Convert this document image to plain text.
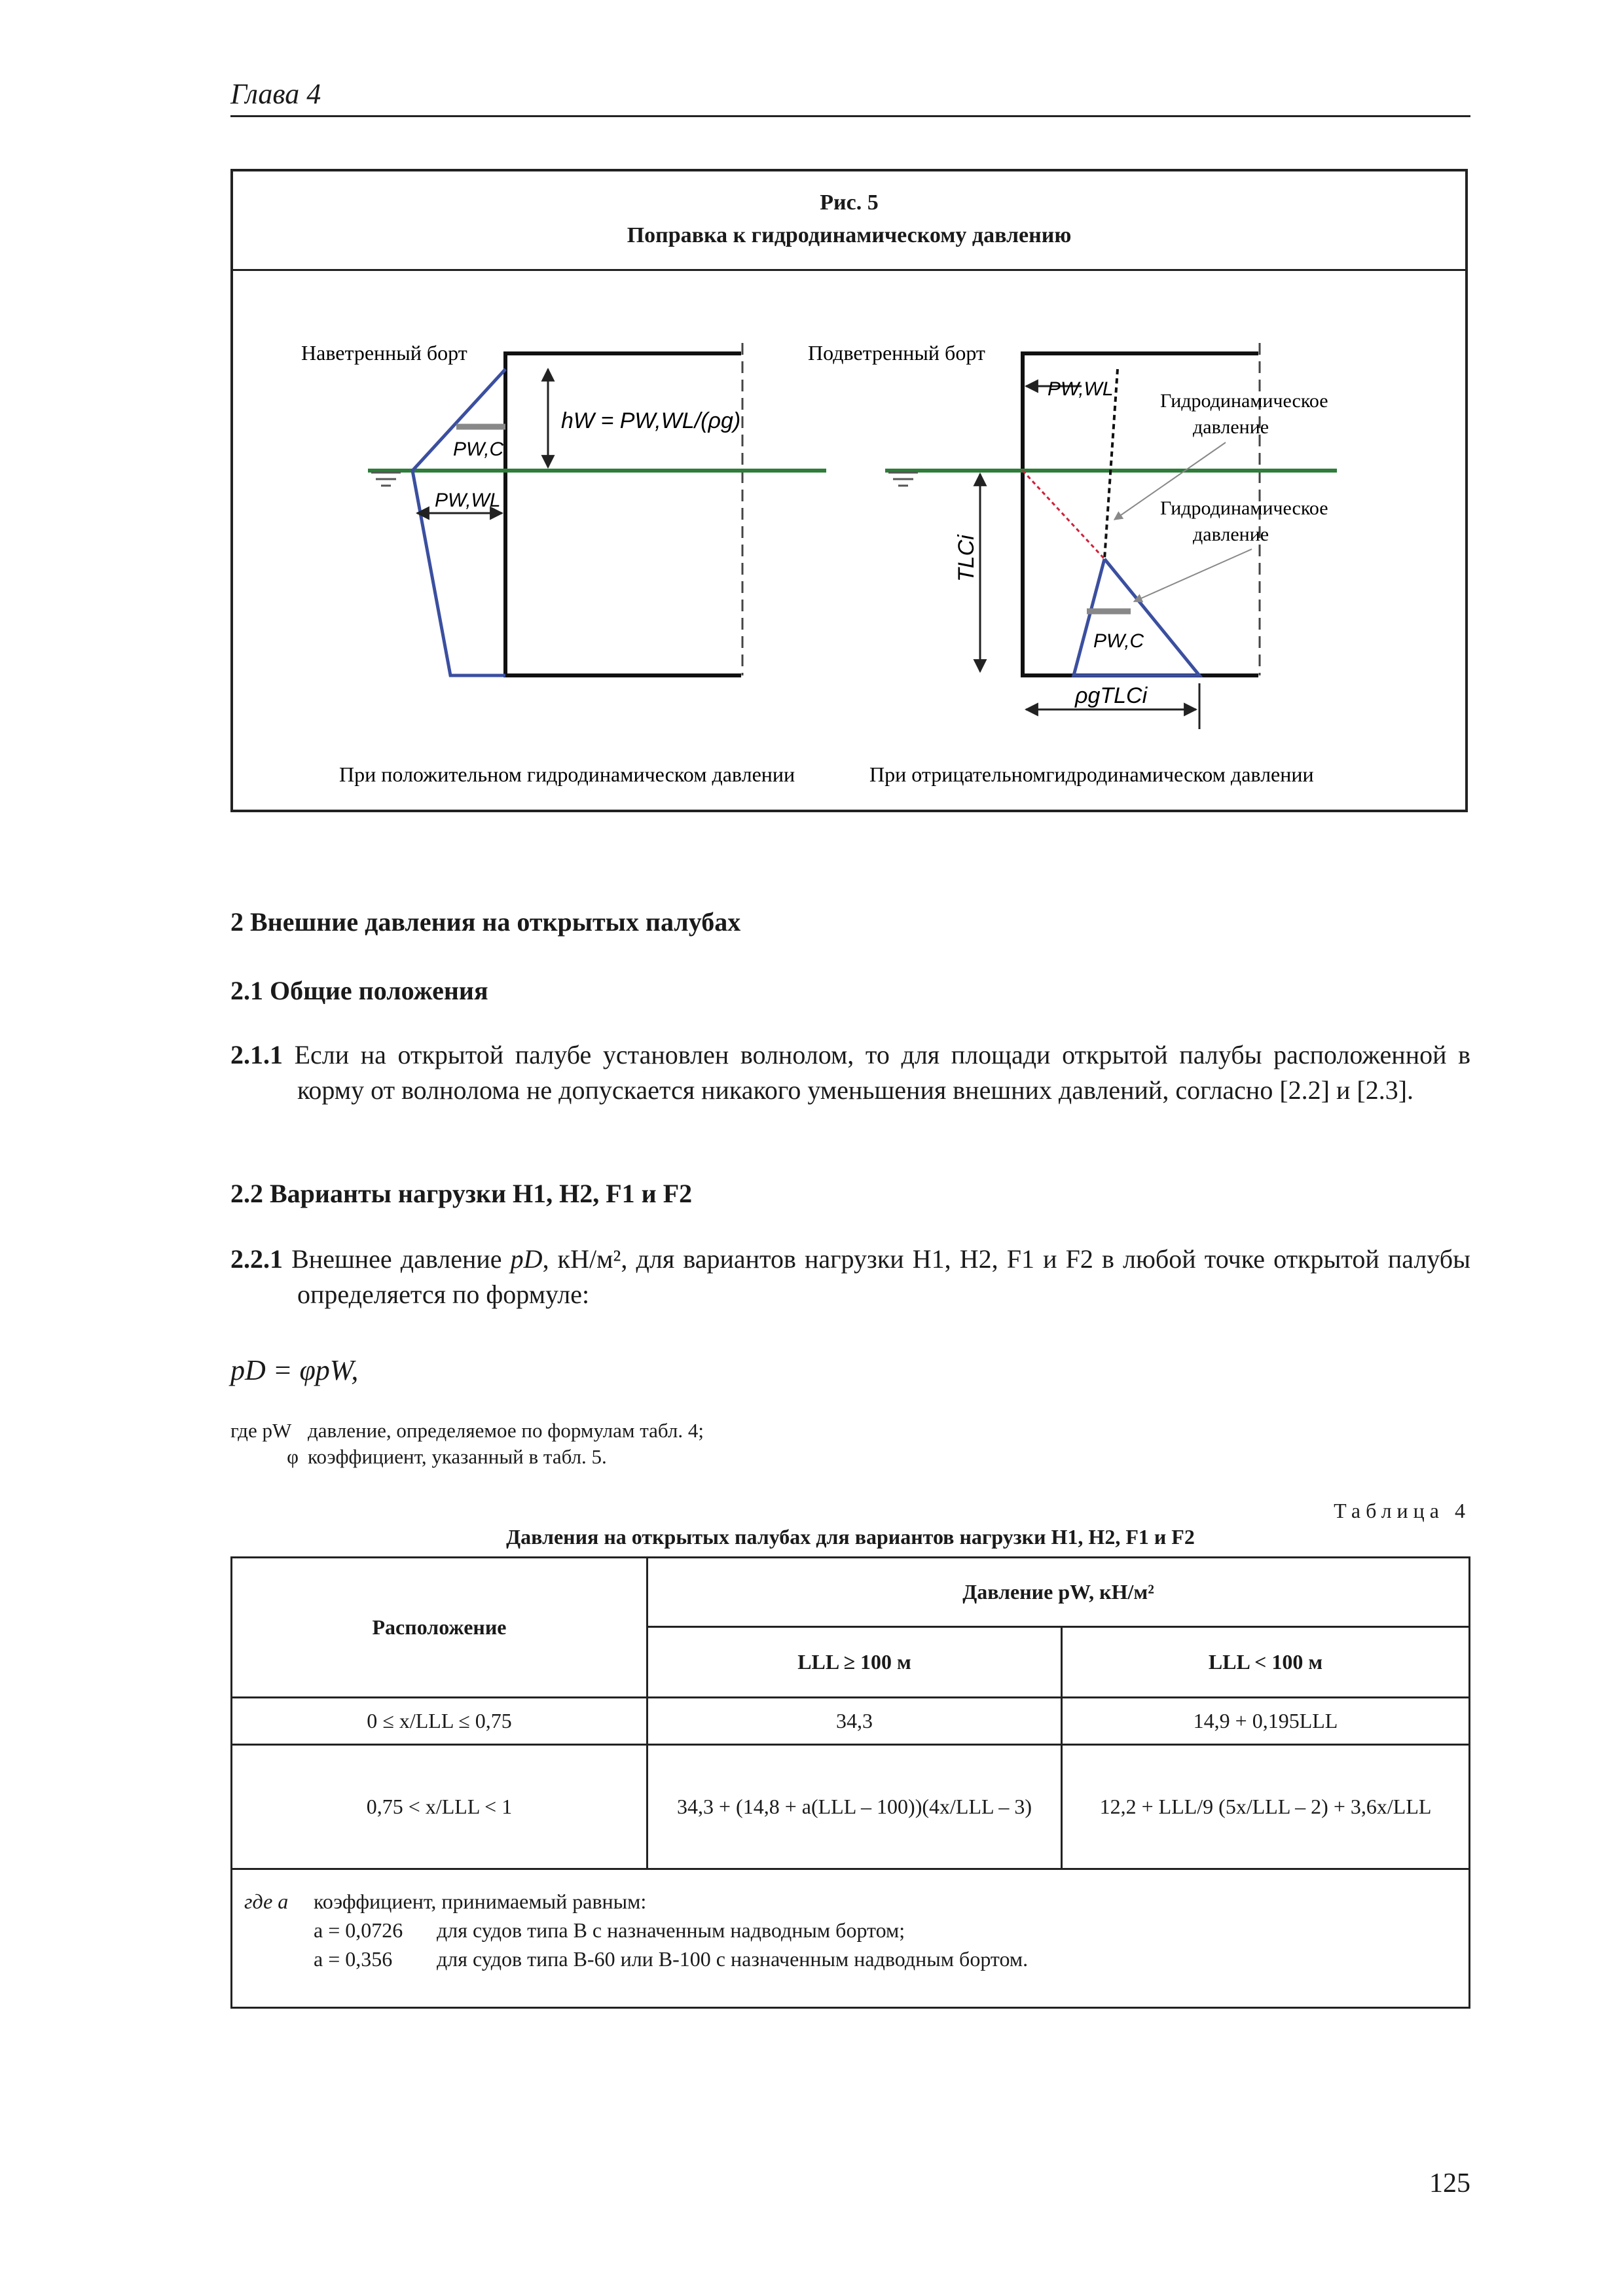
Глава 4
Рис. 5
Поправка к гидродинамическому давлению
Наветренный борт
PW,C
PW,WL
hW = PW,WL/(ρg)
При положительном гидродинамическом давлении
Подветренный борт
PW,WL
PW,C
Гидродинамическое
давление
Гидродинамическое
давление
TLCi
ρgTLCi
При отрицательномгидродинамическом давлении
2 Внешние давления на открытых палубах
2.1 Общие положения
2.1.1 Если на открытой палубе установлен волнолом, то для площади открытой палубы расположенной в корму от волнолома не допускается никакого уменьшения внешних давлений, согласно [2.2] и [2.3].
2.2 Варианты нагрузки H1, H2, F1 и F2
2.2.1 Внешнее давление pD, кН/м², для вариантов нагрузки H1, H2, F1 и F2 в любой точке открытой палубы определяется по формуле:
pD = φpW,
где pW давление, определяемое по формулам табл. 4;
φ коэффициент, указанный в табл. 5.
Таблица 4
Давления на открытых палубах для вариантов нагрузки H1, H2, F1 и F2
Расположение	Давление pW, кН/м²	
	LLL ≥ 100 м	LLL < 100 м
0 ≤ x/LLL ≤ 0,75	34,3	14,9 + 0,195LLL
0,75 < x/LLL < 1	34,3 + (14,8 + a(LLL – 100))(4x/LLL – 3)	12,2 + LLL/9 (5x/LLL – 2) + 3,6x/LLL

где a коэффициент, принимаемый равным:
a = 0,0726 для судов типа B с назначенным надводным бортом;
a = 0,356 для судов типа B-60 или B-100 с назначенным надводным бортом.		
125
